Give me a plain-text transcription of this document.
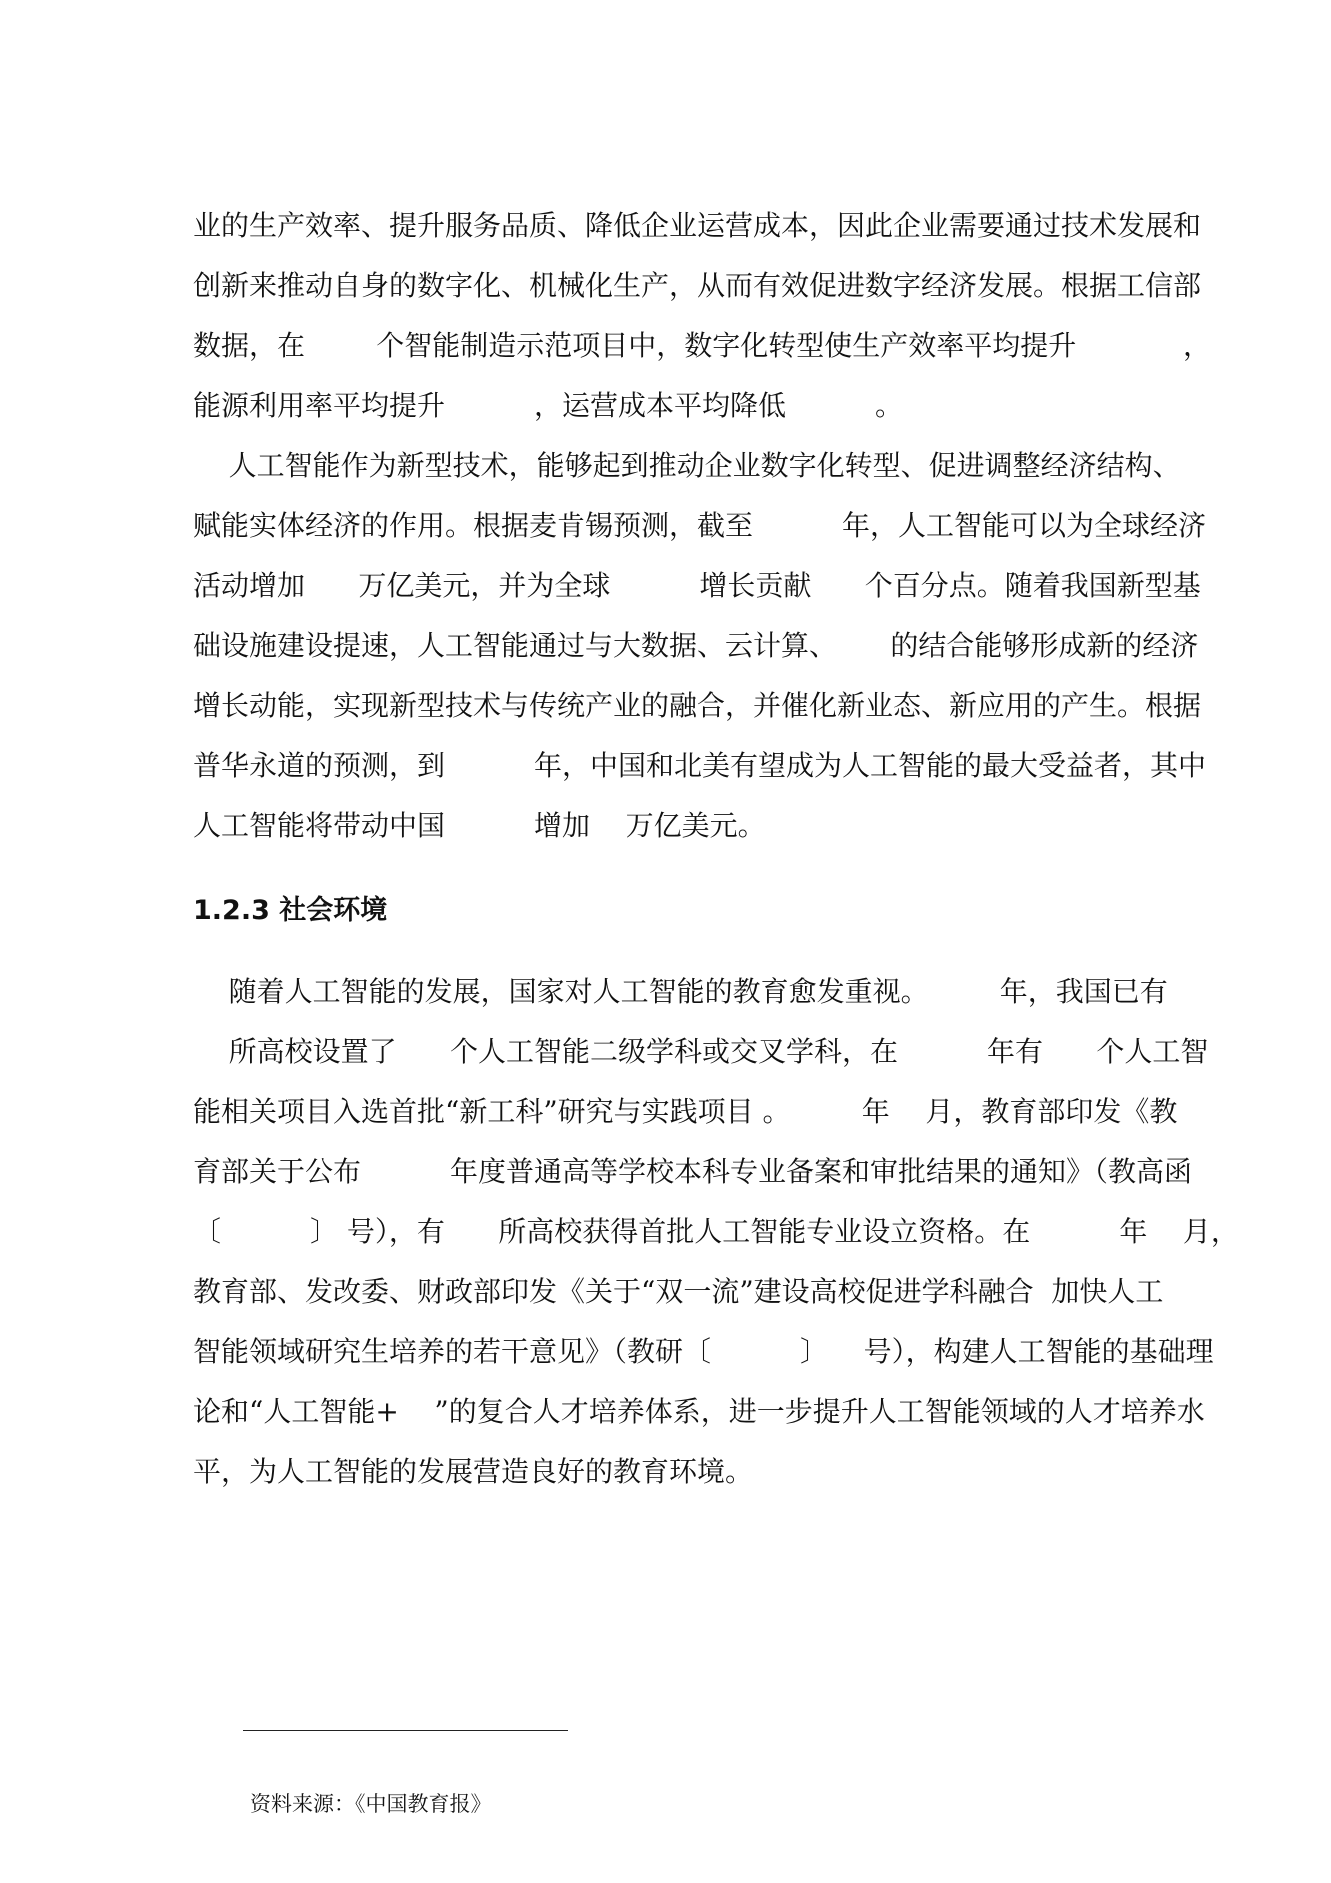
业的生产效率、提升服务品质、降低企业运营成本，因此企业需要通过技术发展和
创新来推动自身的数字化、机械化生产，从而有效促进数字经济发展。根据工信部
数据，在        个智能制造示范项目中，数字化转型使生产效率平均提升            ，
能源利用率平均提升          ，运营成本平均降低          。
人工智能作为新型技术，能够起到推动企业数字化转型、促进调整经济结构、
赋能实体经济的作用。根据麦肯锡预测，截至          年，人工智能可以为全球经济
活动增加      万亿美元，并为全球          增长贡献      个百分点。随着我国新型基
础设施建设提速，人工智能通过与大数据、云计算、      的结合能够形成新的经济
增长动能，实现新型技术与传统产业的融合，并催化新业态、新应用的产生。根据
普华永道的预测，到          年，中国和北美有望成为人工智能的最大受益者，其中
人工智能将带动中国          增加    万亿美元。
1.2.3 社会环境
随着人工智能的发展，国家对人工智能的教育愈发重视。        年，我国已有
所高校设置了      个人工智能二级学科或交叉学科，在          年有      个人工智
能相关项目入选首批“新工科”研究与实践项目 。        年    月，教育部印发《教
育部关于公布          年度普通高等学校本科专业备案和审批结果的通知》（教高函
〔          〕 号），有      所高校获得首批人工智能专业设立资格。在          年    月，
教育部、发改委、财政部印发《关于“双一流”建设高校促进学科融合  加快人工
智能领域研究生培养的若干意见》（教研〔          〕    号），构建人工智能的基础理
论和“人工智能+    ”的复合人才培养体系，进一步提升人工智能领域的人才培养水
平，为人工智能的发展营造良好的教育环境。
资料来源：《中国教育报》
